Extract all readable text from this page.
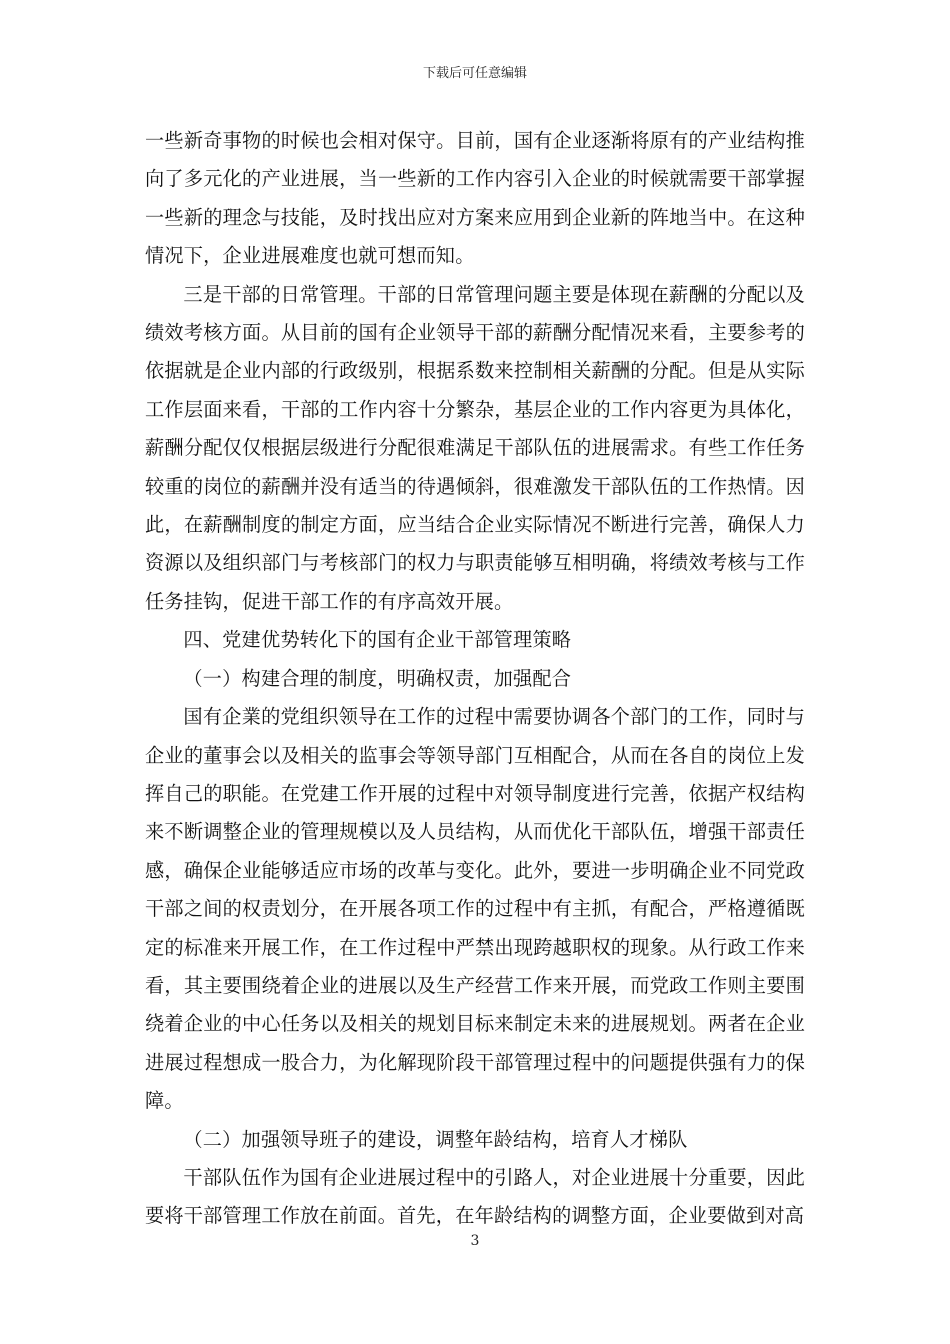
下载后可任意编辑

一些新奇事物的时候也会相对保守。目前，国有企业逐渐将原有的产业结构推向了多元化的产业进展，当一些新的工作内容引入企业的时候就需要干部掌握一些新的理念与技能，及时找出应对方案来应用到企业新的阵地当中。在这种情况下，企业进展难度也就可想而知。

三是干部的日常管理。干部的日常管理问题主要是体现在薪酬的分配以及绩效考核方面。从目前的国有企业领导干部的薪酬分配情况来看，主要参考的依据就是企业内部的行政级别，根据系数来控制相关薪酬的分配。但是从实际工作层面来看，干部的工作内容十分繁杂，基层企业的工作内容更为具体化，薪酬分配仅仅根据层级进行分配很难满足干部队伍的进展需求。有些工作任务较重的岗位的薪酬并没有适当的待遇倾斜，很难激发干部队伍的工作热情。因此，在薪酬制度的制定方面，应当结合企业实际情况不断进行完善，确保人力资源以及组织部门与考核部门的权力与职责能够互相明确，将绩效考核与工作任务挂钩，促进干部工作的有序高效开展。

四、党建优势转化下的国有企业干部管理策略

（一）构建合理的制度，明确权责，加强配合

国有企業的党组织领导在工作的过程中需要协调各个部门的工作，同时与企业的董事会以及相关的监事会等领导部门互相配合，从而在各自的岗位上发挥自己的职能。在党建工作开展的过程中对领导制度进行完善，依据产权结构来不断调整企业的管理规模以及人员结构，从而优化干部队伍，增强干部责任感，确保企业能够适应市场的改革与变化。此外，要进一步明确企业不同党政干部之间的权责划分，在开展各项工作的过程中有主抓，有配合，严格遵循既定的标准来开展工作，在工作过程中严禁出现跨越职权的现象。从行政工作来看，其主要围绕着企业的进展以及生产经营工作来开展，而党政工作则主要围绕着企业的中心任务以及相关的规划目标来制定未来的进展规划。两者在企业进展过程想成一股合力，为化解现阶段干部管理过程中的问题提供强有力的保障。

（二）加强领导班子的建设，调整年龄结构，培育人才梯队

干部队伍作为国有企业进展过程中的引路人，对企业进展十分重要，因此要将干部管理工作放在前面。首先，在年龄结构的调整方面，企业要做到对高

3
